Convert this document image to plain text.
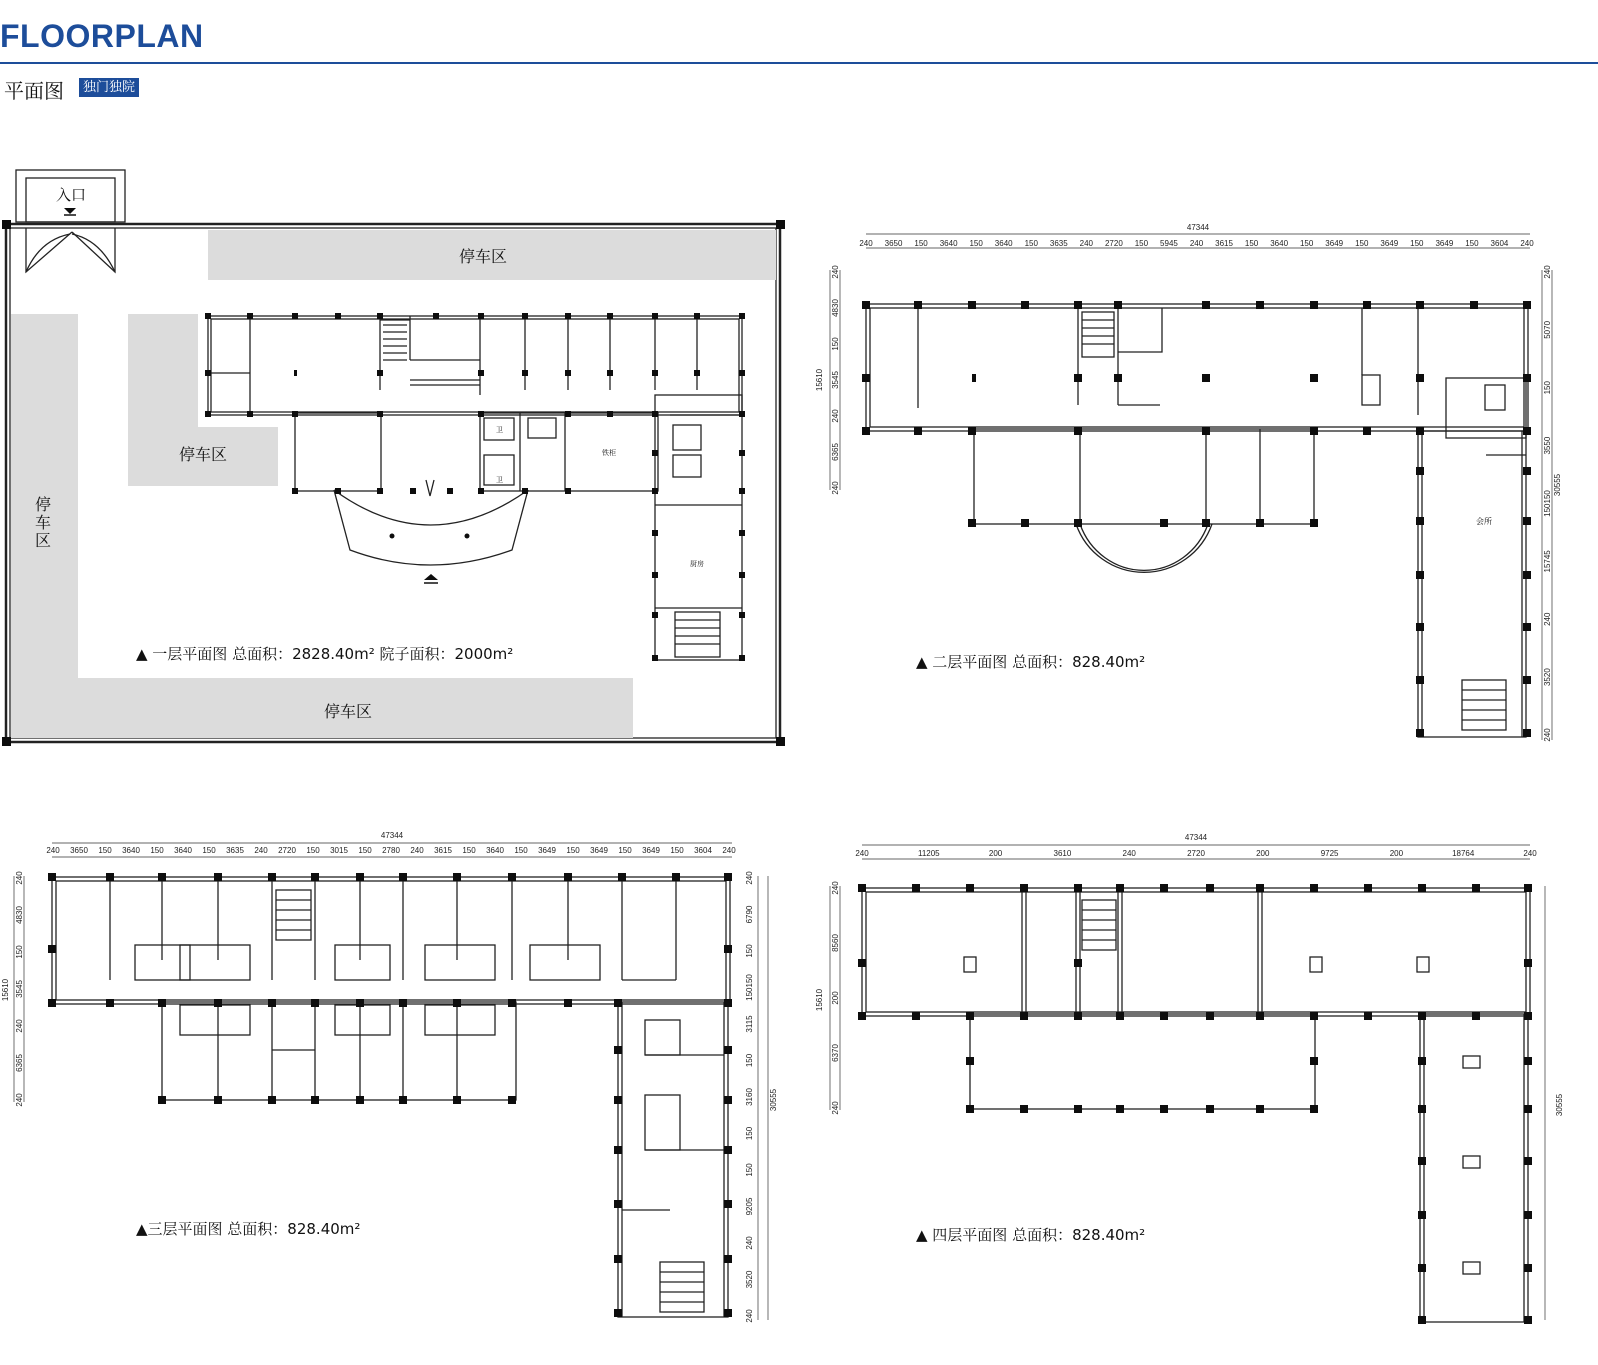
FLOORPLAN
平面图	独门独院
入口
停车区
停车区
停
车
区
停车区
卫
卫
铁柜
厨房
▲ 一层平面图 总面积：2828.40m² 院子面积：2000m²
47344
15610
30555
240 3650 150 3640 150 3640 150 3635 240 2720 150 5945 240 3615 150 3640 150 3649 150 3649 150 3649 150 3604 240
240
4830
150
3545
240
6365
240
240
5070
150
3550
150150
15745
240
3520
240
会所
▲ 二层平面图 总面积：828.40m²
47344
15610
30555
240 3650 150 3640 150 3640 150 3635 240 2720 150 3015 150 2780 240 3615 150 3640 150 3649 150 3649 150 3649 150 3604 240
240
4830
150
3545
240
6365
240
240
6790
150
150150
3115
150
3160
150
150
9205
240
3520
240
▲三层平面图 总面积：828.40m²
47344
15610
30555
240	11205	200	3610	240	2720	200	9725	200	18764	240
240
8560
200
6370
240
▲ 四层平面图 总面积：828.40m²
